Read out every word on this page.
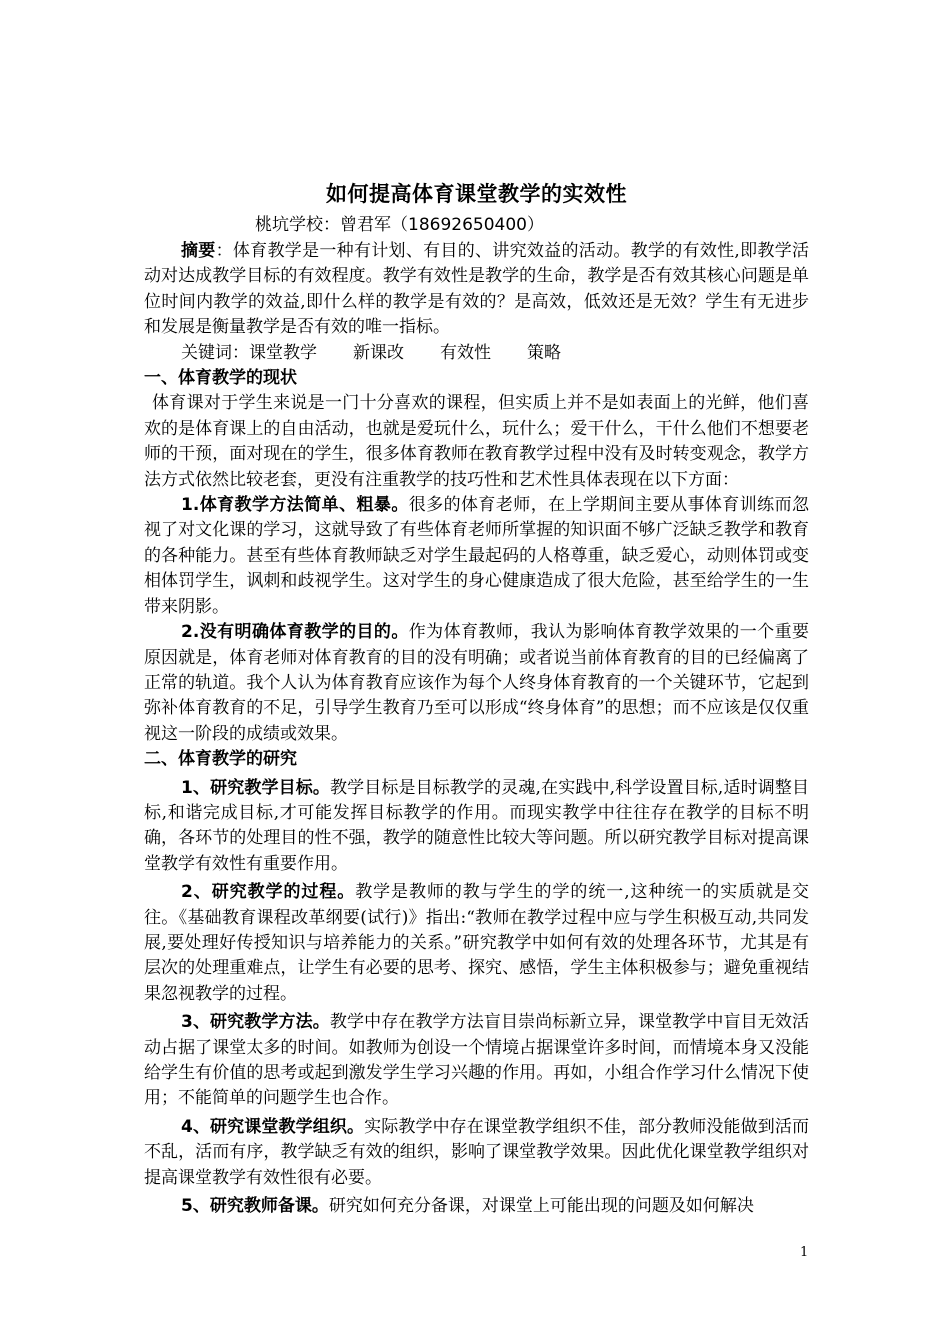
如何提高体育课堂教学的实效性
桃坑学校：曾君军（18692650400）

摘要：体育教学是一种有计划、有目的、讲究效益的活动。教学的有效性,即教学活动对达成教学目标的有效程度。教学有效性是教学的生命，教学是否有效其核心问题是单位时间内教学的效益,即什么样的教学是有效的？是高效，低效还是无效？学生有无进步和发展是衡量教学是否有效的唯一指标。

关键词：课堂教学 新课改 有效性 策略

一、体育教学的现状

体育课对于学生来说是一门十分喜欢的课程，但实质上并不是如表面上的光鲜，他们喜欢的是体育课上的自由活动，也就是爱玩什么，玩什么；爱干什么，干什么他们不想要老师的干预，面对现在的学生，很多体育教师在教育教学过程中没有及时转变观念，教学方法方式依然比较老套，更没有注重教学的技巧性和艺术性具体表现在以下方面：

1.体育教学方法简单、粗暴。很多的体育老师，在上学期间主要从事体育训练而忽视了对文化课的学习，这就导致了有些体育老师所掌握的知识面不够广泛缺乏教学和教育的各种能力。甚至有些体育教师缺乏对学生最起码的人格尊重，缺乏爱心，动则体罚或变相体罚学生，讽刺和歧视学生。这对学生的身心健康造成了很大危险，甚至给学生的一生带来阴影。

2.没有明确体育教学的目的。作为体育教师，我认为影响体育教学效果的一个重要原因就是，体育老师对体育教育的目的没有明确；或者说当前体育教育的目的已经偏离了正常的轨道。我个人认为体育教育应该作为每个人终身体育教育的一个关键环节，它起到弥补体育教育的不足，引导学生教育乃至可以形成“终身体育”的思想；而不应该是仅仅重视这一阶段的成绩或效果。

二、体育教学的研究

1、研究教学目标。教学目标是目标教学的灵魂,在实践中,科学设置目标,适时调整目标,和谐完成目标,才可能发挥目标教学的作用。而现实教学中往往存在教学的目标不明确，各环节的处理目的性不强，教学的随意性比较大等问题。所以研究教学目标对提高课堂教学有效性有重要作用。

2、研究教学的过程。教学是教师的教与学生的学的统一,这种统一的实质就是交往。《基础教育课程改革纲要(试行)》指出:“教师在教学过程中应与学生积极互动,共同发展,要处理好传授知识与培养能力的关系。”研究教学中如何有效的处理各环节，尤其是有层次的处理重难点，让学生有必要的思考、探究、感悟，学生主体积极参与；避免重视结果忽视教学的过程。

3、研究教学方法。教学中存在教学方法盲目崇尚标新立异，课堂教学中盲目无效活动占据了课堂太多的时间。如教师为创设一个情境占据课堂许多时间，而情境本身又没能给学生有价值的思考或起到激发学生学习兴趣的作用。再如，小组合作学习什么情况下使用；不能简单的问题学生也合作。

4、研究课堂教学组织。实际教学中存在课堂教学组织不佳，部分教师没能做到活而不乱，活而有序，教学缺乏有效的组织，影响了课堂教学效果。因此优化课堂教学组织对提高课堂教学有效性很有必要。

5、研究教师备课。研究如何充分备课，对课堂上可能出现的问题及如何解决

1
